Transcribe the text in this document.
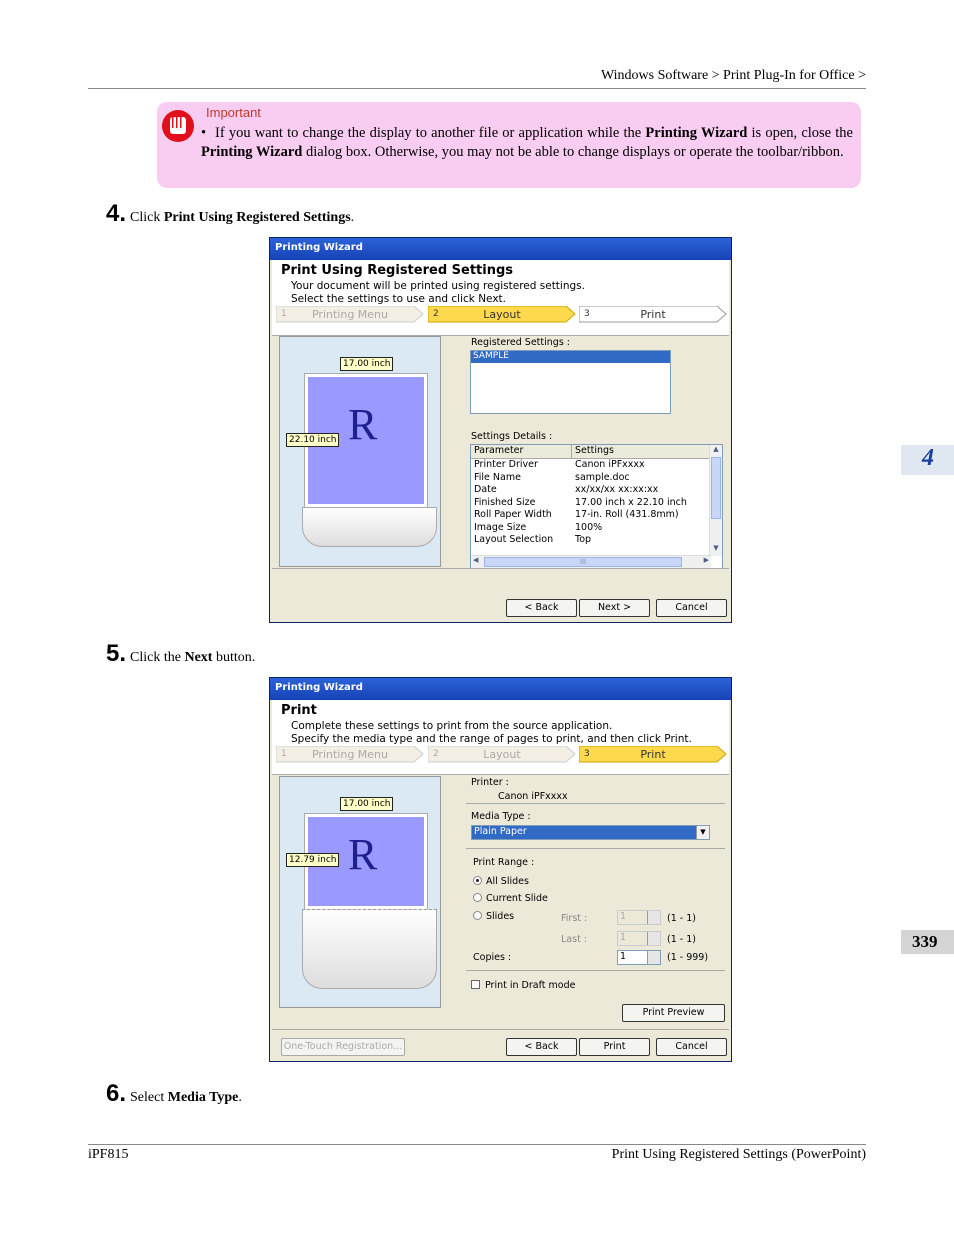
Windows Software > Print Plug-In for Office >
Important
• If you want to change the display to another file or application while the Printing Wizard is open, close the Printing Wizard dialog box. Otherwise, you may not be able to change displays or operate the toolbar/ribbon.
4. Click Print Using Registered Settings.
Printing Wizard
Print Using Registered Settings
Your document will be printed using registered settings.
Select the settings to use and click Next.
1	Printing Menu	2	Layout	3	Print
R
17.00 inch
22.10 inch
Registered Settings :
SAMPLE
Settings Details :
Parameter	Settings
Printer Driver	Canon iPFxxxx
File Name	sample.doc
Date	xx/xx/xx xx:xx:xx
Finished Size	17.00 inch x 22.10 inch
Roll Paper Width	17-in. Roll (431.8mm)
Image Size	100%
Layout Selection	Top
▲
▼
◀	III	▶
< Back	Next >	Cancel
5. Click the Next button.
Printing Wizard
Print
Complete these settings to print from the source application.
Specify the media type and the range of pages to print, and then click Print.
1	Printing Menu	2	Layout	3	Print
R
17.00 inch
12.79 inch
Printer :
Canon iPFxxxx
Media Type :
Plain Paper	▼
Print Range :
All Slides
Current Slide
Slides	First :	1	(1 - 1)
Last :	1	(1 - 1)
Copies :	1	(1 - 999)
Print in Draft mode
Print Preview
One-Touch Registration...	< Back	Print	Cancel
6. Select Media Type.
4
339
iPF815	Print Using Registered Settings (PowerPoint)
